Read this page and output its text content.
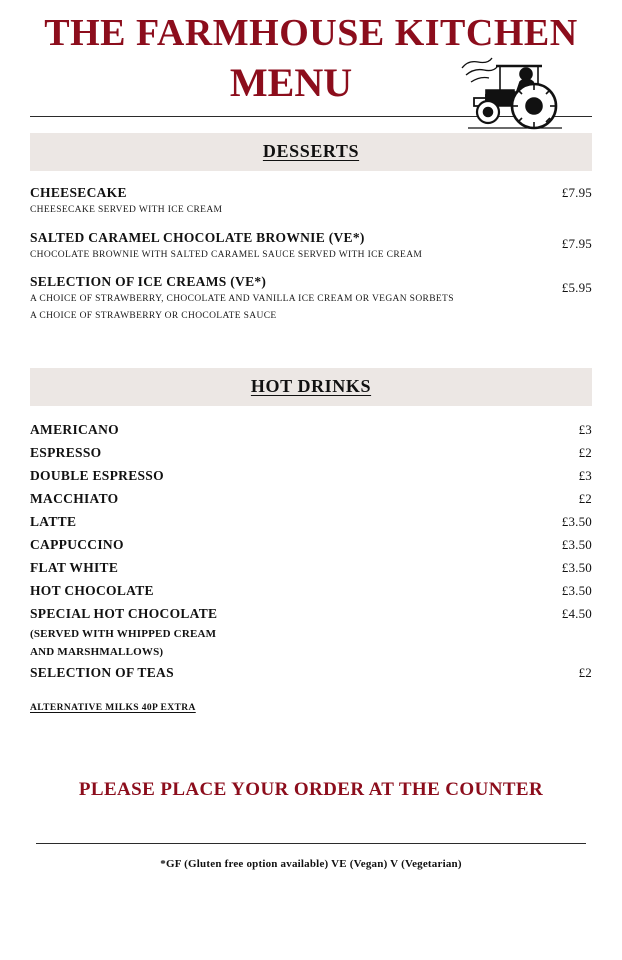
THE FARMHOUSE KITCHEN
MENU
DESSERTS
CHEESECAKE	£7.95
CHEESECAKE SERVED WITH ICE CREAM
SALTED CARAMEL CHOCOLATE BROWNIE (VE*)	£7.95
CHOCOLATE BROWNIE WITH SALTED CARAMEL SAUCE SERVED WITH ICE CREAM
SELECTION OF ICE CREAMS (VE*)	£5.95
A CHOICE OF STRAWBERRY, CHOCOLATE AND VANILLA ICE CREAM OR VEGAN SORBETS
A CHOICE OF STRAWBERRY OR CHOCOLATE SAUCE
HOT DRINKS
AMERICANO	£3
ESPRESSO	£2
DOUBLE ESPRESSO	£3
MACCHIATO	£2
LATTE	£3.50
CAPPUCCINO	£3.50
FLAT WHITE	£3.50
HOT CHOCOLATE	£3.50
SPECIAL HOT CHOCOLATE	£4.50
(SERVED WITH WHIPPED CREAM
AND MARSHMALLOWS)
SELECTION OF TEAS	£2
ALTERNATIVE MILKS 40P EXTRA
PLEASE PLACE YOUR ORDER AT THE COUNTER
*GF (Gluten free option available) VE (Vegan) V (Vegetarian)
